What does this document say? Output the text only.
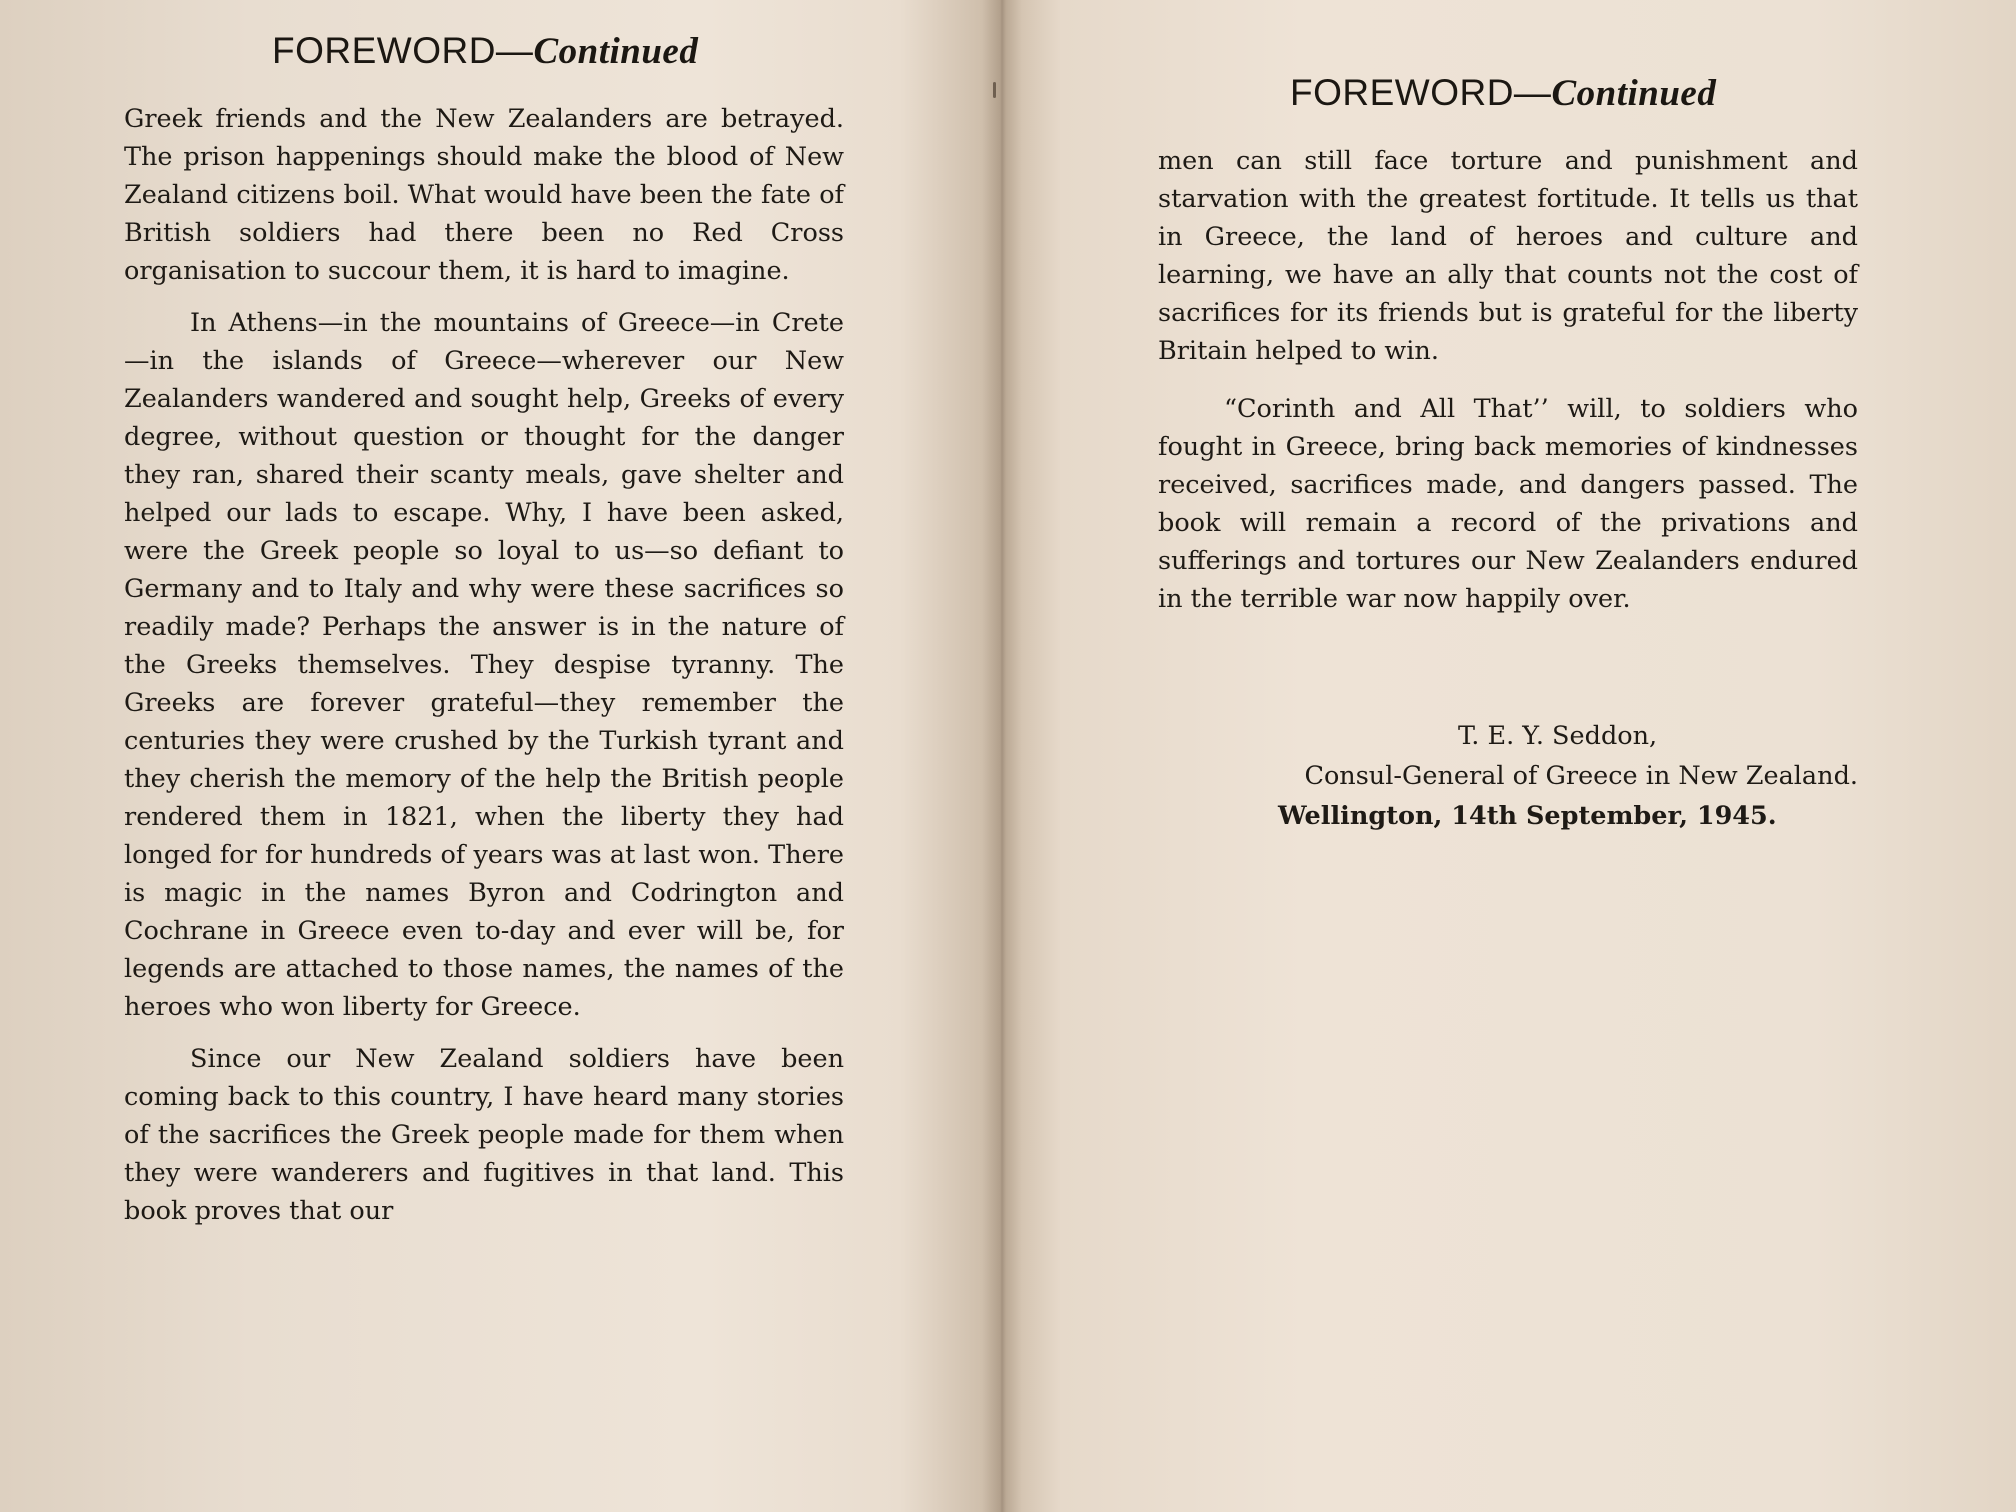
FOREWORD—Continued

Greek friends and the New Zealanders are betrayed. The prison happenings should make the blood of New Zealand citizens boil. What would have been the fate of British soldiers had there been no Red Cross organisation to succour them, it is hard to imagine.

In Athens—in the mountains of Greece—in Crete—in the islands of Greece—wherever our New Zealanders wandered and sought help, Greeks of every degree, without question or thought for the danger they ran, shared their scanty meals, gave shelter and helped our lads to escape. Why, I have been asked, were the Greek people so loyal to us—so defiant to Germany and to Italy and why were these sacrifices so readily made? Perhaps the answer is in the nature of the Greeks themselves. They despise tyranny. The Greeks are forever grateful—they remember the centuries they were crushed by the Turkish tyrant and they cherish the memory of the help the British people rendered them in 1821, when the liberty they had longed for for hundreds of years was at last won. There is magic in the names Byron and Codrington and Cochrane in Greece even to-day and ever will be, for legends are attached to those names, the names of the heroes who won liberty for Greece.

Since our New Zealand soldiers have been coming back to this country, I have heard many stories of the sacrifices the Greek people made for them when they were wanderers and fugitives in that land. This book proves that our

FOREWORD—Continued

men can still face torture and punishment and starvation with the greatest fortitude. It tells us that in Greece, the land of heroes and culture and learning, we have an ally that counts not the cost of sacrifices for its friends but is grateful for the liberty Britain helped to win.

“Corinth and All That’’ will, to soldiers who fought in Greece, bring back memories of kindnesses received, sacrifices made, and dangers passed. The book will remain a record of the privations and sufferings and tortures our New Zealanders endured in the terrible war now happily over.

T. E. Y. Seddon,
Consul-General of Greece in New Zealand.
Wellington, 14th September, 1945.
